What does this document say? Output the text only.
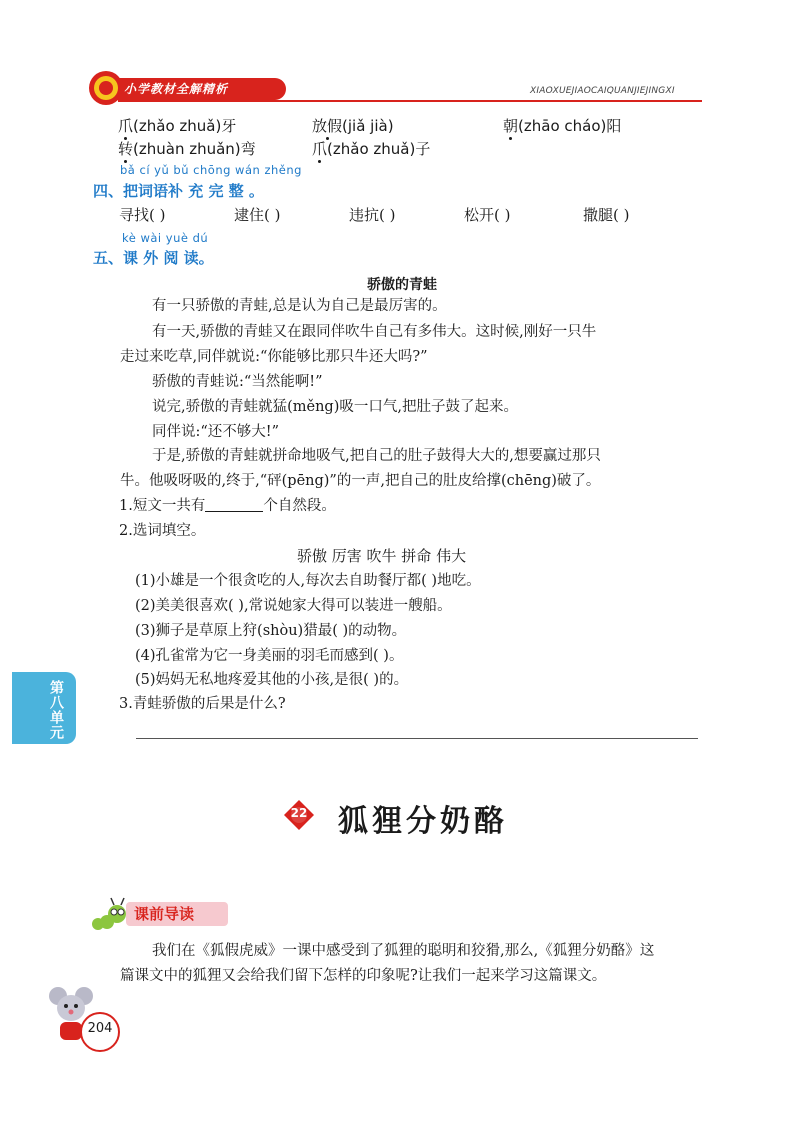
小学教材全解精析	XIAOXUEJIAOCAIQUANJIEJINGXI
爪(zhǎo zhuǎ)牙	放假(jiǎ jià)	朝(zhāo cháo)阳
转(zhuàn zhuǎn)弯	爪(zhǎo zhuǎ)子
bǎ cí yǔ bǔ chōng wán zhěng
四、把词语补 充 完 整 。
寻找( )	逮住( )	违抗( )	松开( )	撒腿( )
kè wài yuè dú
五、课 外 阅 读。
骄傲的青蛙
有一只骄傲的青蛙,总是认为自己是最厉害的。
有一天,骄傲的青蛙又在跟同伴吹牛自己有多伟大。这时候,刚好一只牛
走过来吃草,同伴就说:“你能够比那只牛还大吗?”
骄傲的青蛙说:“当然能啊!”
说完,骄傲的青蛙就猛(měng)吸一口气,把肚子鼓了起来。
同伴说:“还不够大!”
于是,骄傲的青蛙就拼命地吸气,把自己的肚子鼓得大大的,想要赢过那只
牛。他吸呀吸的,终于,“砰(pēng)”的一声,把自己的肚皮给撑(chēng)破了。
1.短文一共有	个自然段。
2.选词填空。
骄傲 厉害 吹牛 拼命 伟大
(1)小雄是一个很贪吃的人,每次去自助餐厅都( )地吃。
(2)美美很喜欢( ),常说她家大得可以装进一艘船。
(3)狮子是草原上狩(shòu)猎最( )的动物。
(4)孔雀常为它一身美丽的羽毛而感到( )。
(5)妈妈无私地疼爱其他的小孩,是很( )的。
3.青蛙骄傲的后果是什么?
第八单元
22 狐狸分奶酪
课前导读
我们在《狐假虎威》一课中感受到了狐狸的聪明和狡猾,那么,《狐狸分奶酪》这
篇课文中的狐狸又会给我们留下怎样的印象呢?让我们一起来学习这篇课文。
204
